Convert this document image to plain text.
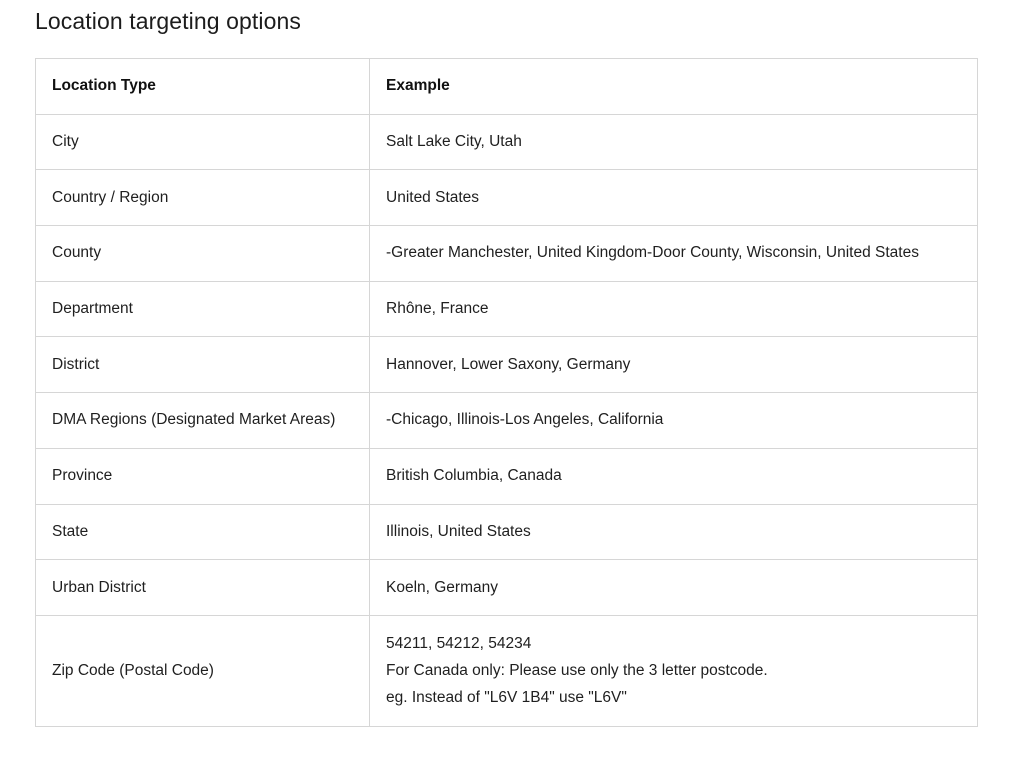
Location targeting options
Location Type	Example
City	Salt Lake City, Utah
Country / Region	United States
County	-Greater Manchester, United Kingdom-Door County, Wisconsin, United States
Department	Rhône, France
District	Hannover, Lower Saxony, Germany
DMA Regions (Designated Market Areas)	-Chicago, Illinois-Los Angeles, California
Province	British Columbia, Canada
State	Illinois, United States
Urban District	Koeln, Germany
Zip Code (Postal Code)	54211, 54212, 54234
For Canada only: Please use only the 3 letter postcode.
eg. Instead of "L6V 1B4" use "L6V"
